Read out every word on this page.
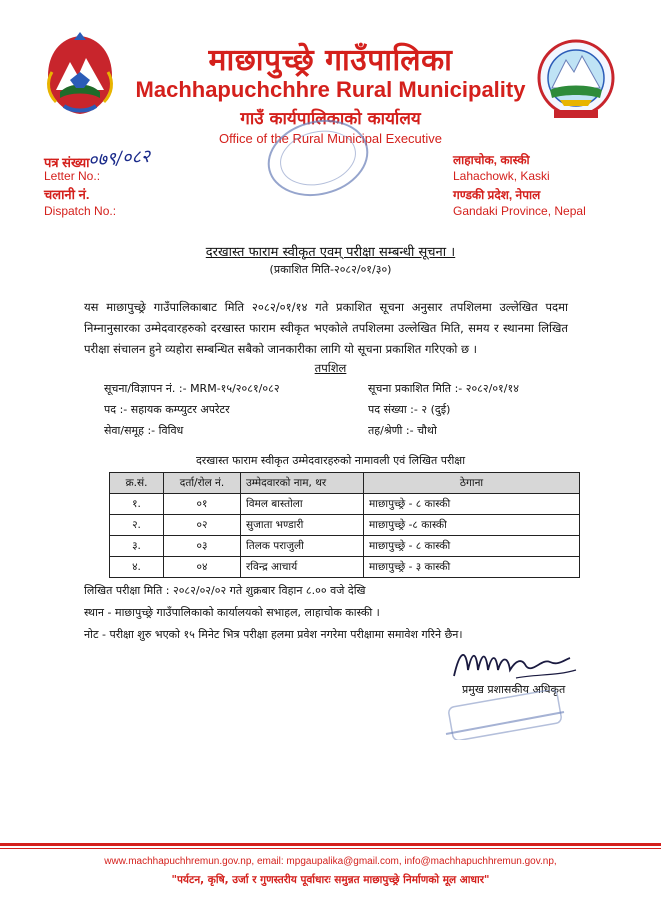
माछापुच्छ्रे गाउँपालिका
Machhapuchchhre Rural Municipality
गाउँ कार्यपालिकाको कार्यालय
Office of the Rural Municipal Executive
पत्र संख्या
०७९/०८२
Letter No.:
चलानी नं.
Dispatch No.:
लाहाचोक, कास्की
Lahachowk, Kaski
गण्डकी प्रदेश, नेपाल
Gandaki Province, Nepal
दरखास्त फाराम स्वीकृत एवम् परीक्षा सम्बन्धी सूचना ।
(प्रकाशित मिति-२०८२/०१/३०)
यस माछापुच्छ्रे गाउँपालिकाबाट मिति २०८२/०१/१४ गते प्रकाशित सूचना अनुसार तपशिलमा उल्लेखित पदमा निम्नानुसारका उम्मेदवारहरुको दरखास्त फाराम स्वीकृत भएकोले तपशिलमा उल्लेखित मिति, समय र स्थानमा लिखित परीक्षा संचालन हुने व्यहोरा सम्बन्धित सबैको जानकारीका लागि यो सूचना प्रकाशित गरिएको छ ।
तपशिल
सूचना/विज्ञापन नं. :- MRM-१५/२०८१/०८२	सूचना प्रकाशित मिति :- २०८२/०१/१४
पद :- सहायक कम्प्युटर अपरेटर	पद संख्या :- २ (दुई)
सेवा/समूह :- विविध	तह/श्रेणी :- चौथो
दरखास्त फाराम स्वीकृत उम्मेदवारहरुको नामावली एवं लिखित परीक्षा
क्र.सं.	दर्ता/रोल नं.	उम्मेदवारको नाम, थर	ठेगाना
१.	०१	विमल बास्तोला	माछापुच्छ्रे - ८ कास्की
२.	०२	सुजाता भण्डारी	माछापुच्छ्रे -८ कास्की
३.	०३	तिलक पराजुली	माछापुच्छ्रे - ८ कास्की
४.	०४	रविन्द्र आचार्य	माछापुच्छ्रे - ३ कास्की
लिखित परीक्षा मिति : २०८२/०२/०२ गते शुक्रबार विहान ८.०० वजे देखि
स्थान - माछापुच्छ्रे गाउँपालिकाको कार्यालयको सभाहल, लाहाचोक कास्की ।
नोट - परीक्षा शुरु भएको १५ मिनेट भित्र परीक्षा हलमा प्रवेश नगरेमा परीक्षामा समावेश गरिने छैन।
प्रमुख प्रशासकीय अधिकृत
www.machhapuchhremun.gov.np, email: mpgaupalika@gmail.com, info@machhapuchhremun.gov.np,
"पर्यटन, कृषि, उर्जा र गुणस्तरीय पूर्वाधारः समुन्नत माछापुच्छ्रे निर्माणको मूल आधार"
